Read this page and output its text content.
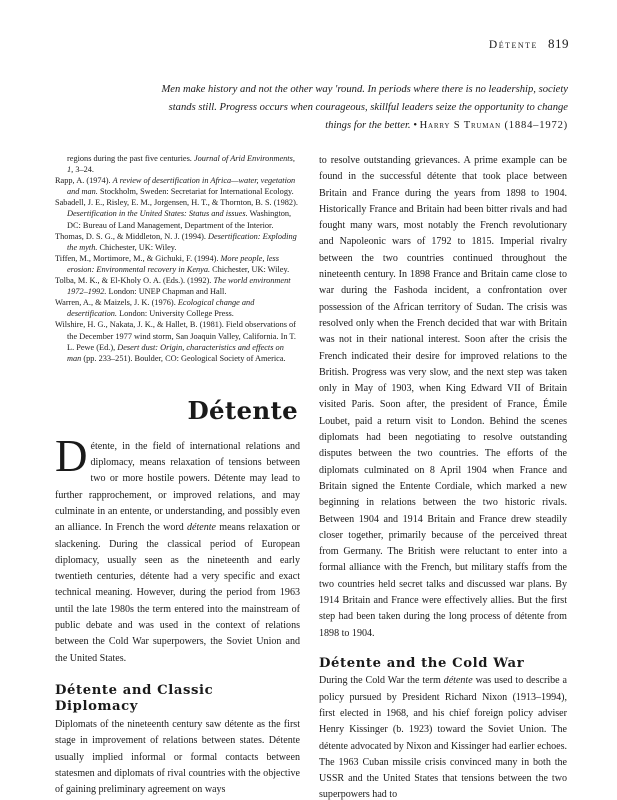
Détente 819
Men make history and not the other way 'round. In periods where there is no leadership, society stands still. Progress occurs when courageous, skillful leaders seize the opportunity to change things for the better. • Harry S Truman (1884–1972)

regions during the past five centuries. Journal of Arid Environments, 1, 3–24.

Rapp, A. (1974). A review of desertification in Africa—water, vegetation and man. Stockholm, Sweden: Secretariat for International Ecology.

Sabadell, J. E., Risley, E. M., Jorgensen, H. T., & Thornton, B. S. (1982). Desertification in the United States: Status and issues. Washington, DC: Bureau of Land Management, Department of the Interior.

Thomas, D. S. G., & Middleton, N. J. (1994). Desertification: Exploding the myth. Chichester, UK: Wiley.

Tiffen, M., Mortimore, M., & Gichuki, F. (1994). More people, less erosion: Environmental recovery in Kenya. Chichester, UK: Wiley.

Tolba, M. K., & El-Kholy O. A. (Eds.). (1992). The world environment 1972–1992. London: UNEP Chapman and Hall.

Warren, A., & Maizels, J. K. (1976). Ecological change and desertification. London: University College Press.

Wilshire, H. G., Nakata, J. K., & Hallet, B. (1981). Field observations of the December 1977 wind storm, San Joaquin Valley, California. In T. L. Pewe (Ed.), Desert dust: Origin, characteristics and effects on man (pp. 233–251). Boulder, CO: Geological Society of America.

Détente

Détente, in the field of international relations and diplomacy, means relaxation of tensions between two or more hostile powers. Détente may lead to further rapprochement, or improved relations, and may culminate in an entente, or understanding, and possibly even an alliance. In French the word détente means relaxation or slackening. During the classical period of European diplomacy, usually seen as the nineteenth and early twentieth centuries, détente had a very specific and exact technical meaning. However, during the period from 1963 until the late 1980s the term entered into the mainstream of public debate and was used in the context of relations between the Cold War superpowers, the Soviet Union and the United States.

Détente and Classic Diplomacy

Diplomats of the nineteenth century saw détente as the first stage in improvement of relations between states. Détente usually implied informal or formal contacts between statesmen and diplomats of rival countries with the objective of gaining preliminary agreement on ways

to resolve outstanding grievances. A prime example can be found in the successful détente that took place between Britain and France during the years from 1898 to 1904. Historically France and Britain had been bitter rivals and had fought many wars, most notably the French revolutionary and Napoleonic wars of 1792 to 1815. Imperial rivalry between the two countries continued throughout the nineteenth century. In 1898 France and Britain came close to war during the Fashoda incident, a confrontation over possession of the African territory of Sudan. The crisis was resolved only when the French decided that war with Britain was not in their national interest. Soon after the crisis the French indicated their desire for improved relations to the British. Progress was very slow, and the next step was taken only in May of 1903, when King Edward VII of Britain visited Paris. Soon after, the president of France, Émile Loubet, paid a return visit to London. Behind the scenes diplomats had been negotiating to resolve outstanding disputes between the two countries. The efforts of the diplomats culminated on 8 April 1904 when France and Britain signed the Entente Cordiale, which marked a new beginning in relations between the two historic rivals. Between 1904 and 1914 Britain and France drew steadily closer together, primarily because of the perceived threat from Germany. The British were reluctant to enter into a formal alliance with the French, but military staffs from the two countries held secret talks and discussed war plans. By 1914 Britain and France were effectively allies. But the first step had been taken during the long process of détente from 1898 to 1904.

Détente and the Cold War

During the Cold War the term détente was used to describe a policy pursued by President Richard Nixon (1913–1994), first elected in 1968, and his chief foreign policy adviser Henry Kissinger (b. 1923) toward the Soviet Union. The détente advocated by Nixon and Kissinger had earlier echoes. The 1963 Cuban missile crisis convinced many in both the USSR and the United States that tensions between the two superpowers had to
